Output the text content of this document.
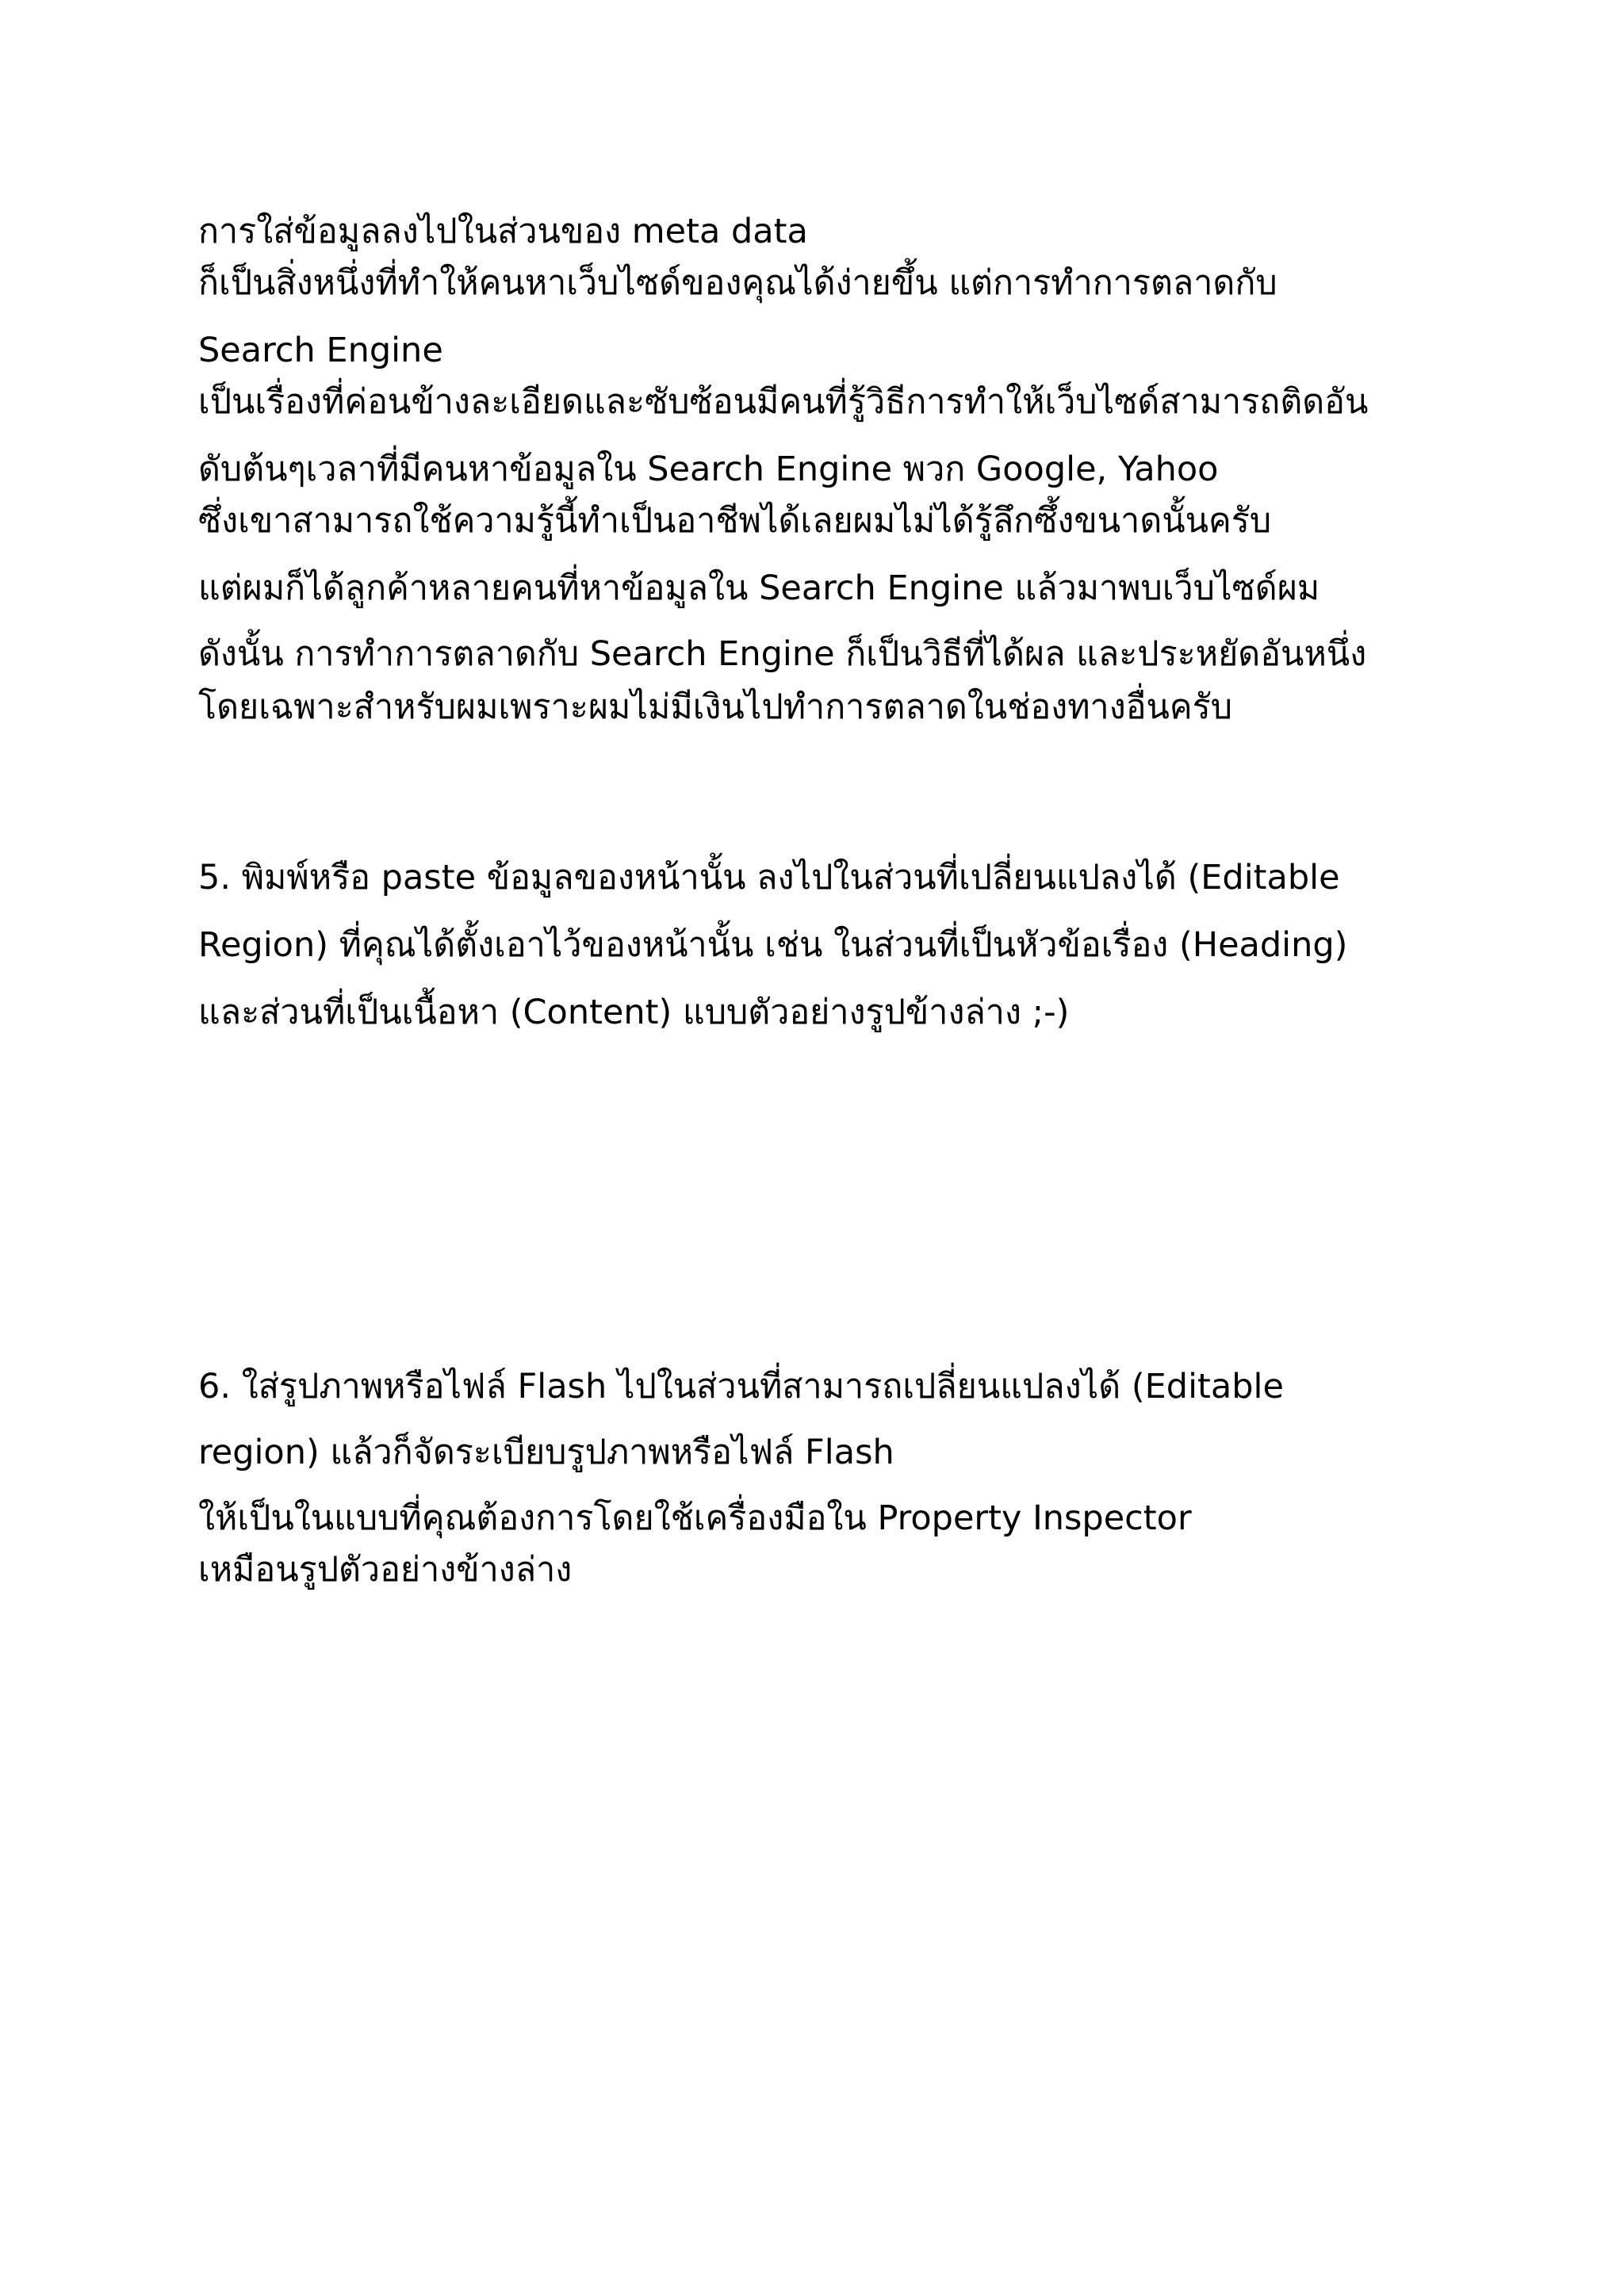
การใส่ข้อมูลลงไปในส่วนของ meta data

ก็เป็นสิ่งหนึ่งที่ทำให้คนหาเว็บไซด์ของคุณได้ง่ายขึ้น แต่การทำการตลาดกับ

Search Engine

เป็นเรื่องที่ค่อนข้างละเอียดและซับซ้อนมีคนที่รู้วิธีการทำให้เว็บไซด์สามารถติดอัน

ดับต้นๆเวลาที่มีคนหาข้อมูลใน Search Engine พวก Google, Yahoo

ซึ่งเขาสามารถใช้ความรู้นี้ทำเป็นอาชีพได้เลยผมไม่ได้รู้ลึกซึ้งขนาดนั้นครับ

แต่ผมก็ได้ลูกค้าหลายคนที่หาข้อมูลใน Search Engine แล้วมาพบเว็บไซด์ผม

ดังนั้น การทำการตลาดกับ Search Engine ก็เป็นวิธีที่ได้ผล และประหยัดอันหนึ่ง

โดยเฉพาะสำหรับผมเพราะผมไม่มีเงินไปทำการตลาดในช่องทางอื่นครับ

5. พิมพ์หรือ paste ข้อมูลของหน้านั้น ลงไปในส่วนที่เปลี่ยนแปลงได้ (Editable

Region) ที่คุณได้ตั้งเอาไว้ของหน้านั้น เช่น ในส่วนที่เป็นหัวข้อเรื่อง (Heading)

และส่วนที่เป็นเนื้อหา (Content) แบบตัวอย่างรูปข้างล่าง ;-)

6. ใส่รูปภาพหรือไฟล์ Flash ไปในส่วนที่สามารถเปลี่ยนแปลงได้ (Editable

region) แล้วก็จัดระเบียบรูปภาพหรือไฟล์ Flash

ให้เป็นในแบบที่คุณต้องการโดยใช้เครื่องมือใน Property Inspector

เหมือนรูปตัวอย่างข้างล่าง
